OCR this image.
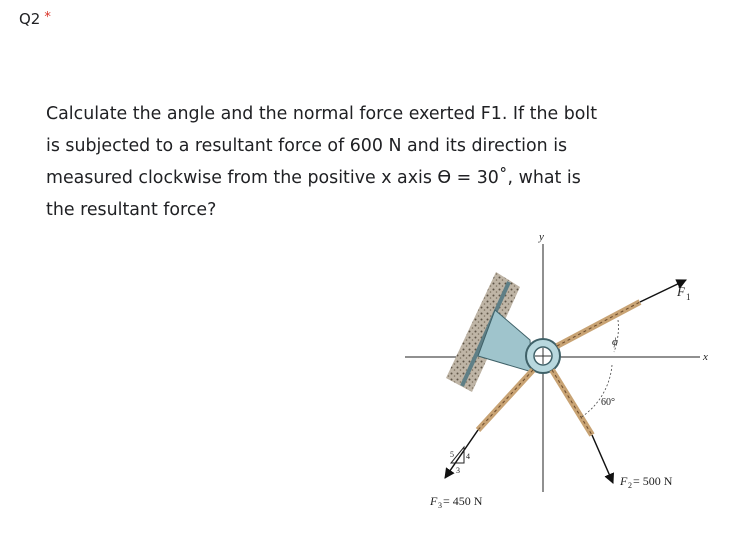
Q2 *
Calculate the angle and the normal force exerted F1. If the bolt
is subjected to a resultant force of 600 N and its direction is
measured clockwise from the positive x axis ϴ = 30˚, what is
the resultant force?
F 1
F 2 = 500 N
F 3 = 450 N
5 4
3
ϕ
60°
y
x
